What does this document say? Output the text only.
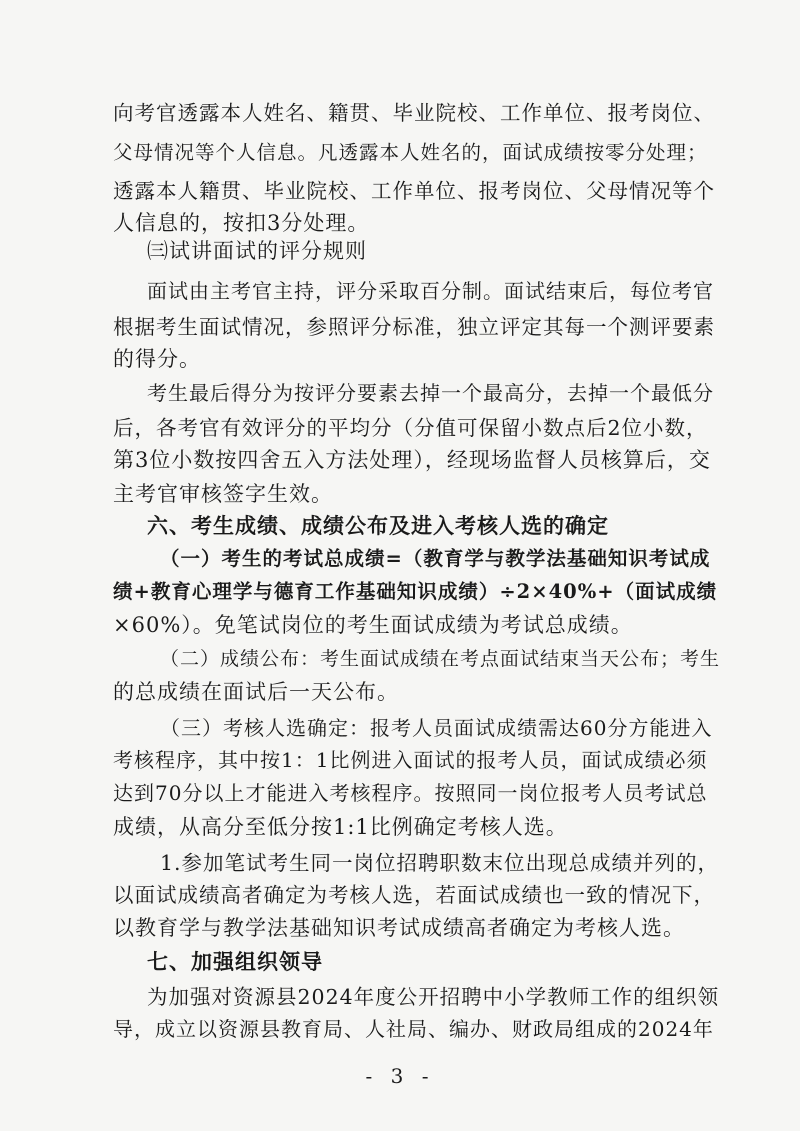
向考官透露本人姓名、籍贯、毕业院校、工作单位、报考岗位、
父母情况等个人信息。凡透露本人姓名的，面试成绩按零分处理；
透露本人籍贯、毕业院校、工作单位、报考岗位、父母情况等个
人信息的，按扣3分处理。
㈢试讲面试的评分规则
面试由主考官主持，评分采取百分制。面试结束后，每位考官
根据考生面试情况，参照评分标准，独立评定其每一个测评要素
的得分。
考生最后得分为按评分要素去掉一个最高分，去掉一个最低分
后，各考官有效评分的平均分（分值可保留小数点后2位小数，
第3位小数按四舍五入方法处理），经现场监督人员核算后，交
主考官审核签字生效。
六、考生成绩、成绩公布及进入考核人选的确定
（一）考生的考试总成绩=（教育学与教学法基础知识考试成
绩+教育心理学与德育工作基础知识成绩）÷2×40%+（面试成绩
×60%）。免笔试岗位的考生面试成绩为考试总成绩。
（二）成绩公布：考生面试成绩在考点面试结束当天公布；考生
的总成绩在面试后一天公布。
（三）考核人选确定：报考人员面试成绩需达60分方能进入
考核程序，其中按1：1比例进入面试的报考人员，面试成绩必须
达到70分以上才能进入考核程序。按照同一岗位报考人员考试总
成绩，从高分至低分按1:1比例确定考核人选。
1.参加笔试考生同一岗位招聘职数末位出现总成绩并列的，
以面试成绩高者确定为考核人选，若面试成绩也一致的情况下，
以教育学与教学法基础知识考试成绩高者确定为考核人选。
七、加强组织领导
为加强对资源县2024年度公开招聘中小学教师工作的组织领
导，成立以资源县教育局、人社局、编办、财政局组成的2024年
- 3 -
